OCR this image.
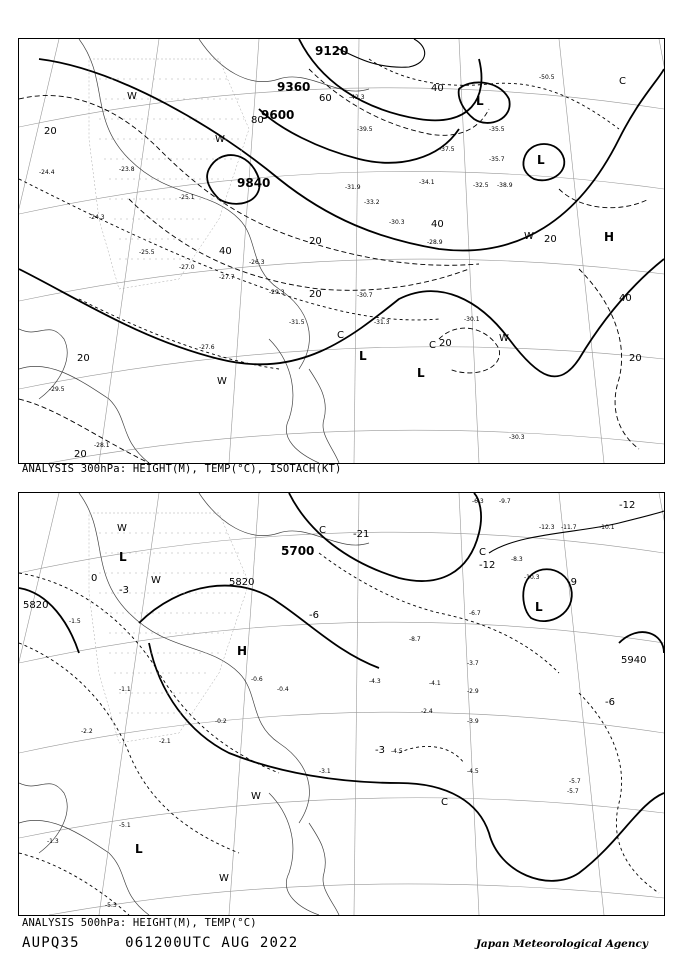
9120
9360
9600
9840
20
40
60
80
40
20
20
40
20
20
40
20
20
20
L
L
H
L
L
C
C
C
W
W
W
W
W
-23.8
-24.3
-25.5
-26.3
-27.0
-27.7
-28.9
-29.3
-30.3
-30.7
-31.3
-31.5
-33.2
-34.1
-35.7
-37.5
-39.5
-42.3
-50.5
-30.1
-30.3
-29.5
-28.1
-27.6
-25.1
-24.4
-31.9	-32.5
-35.5
-38.9
ANALYSIS 300hPa: HEIGHT(M), TEMP(°C), ISOTACH(KT)
5700
5820
5820
5940
-21
-12
-12
-9
-6
-3
-6
0
-3
L
L
H
L
C
C
C
W
W
W
W
-6.3	-9.7
-10.1
-12.3 -11.7
-10.3
-8.3
-8.7
-6.7
-5.7
-4.5
-4.3	-4.1
-3.7
-2.9
-2.2
-1.5
-1.1
-0.6
-0.4
-3.9
-4.5
-5.7
-5.1
-5.3
-1.3
-0.2
-2.1
-3.1
-2.4
ANALYSIS 500hPa: HEIGHT(M), TEMP(°C)
AUPQ35	061200UTC AUG 2022	Japan Meteorological Agency
